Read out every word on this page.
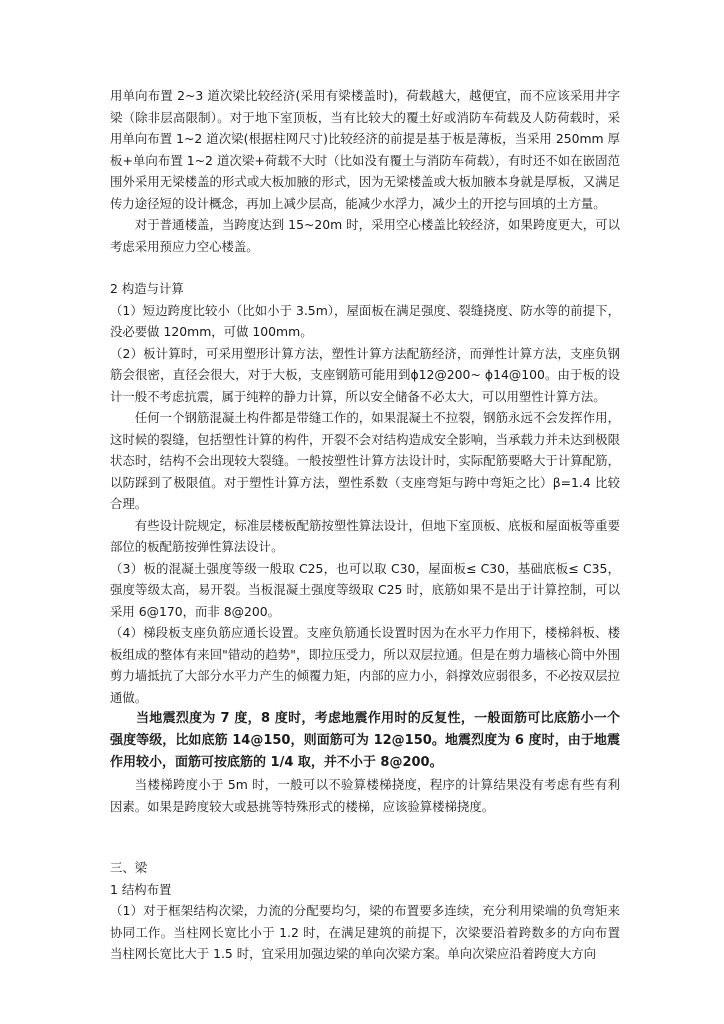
用单向布置 2~3 道次梁比较经济(采用有梁楼盖时)，荷载越大，越便宜，而不应该采用井字梁（除非层高限制）。对于地下室顶板，当有比较大的覆土好或消防车荷载及人防荷载时，采用单向布置 1~2 道次梁(根据柱网尺寸)比较经济的前提是基于板是薄板，当采用 250mm 厚板+单向布置 1~2 道次梁+荷载不大时（比如没有覆土与消防车荷载），有时还不如在嵌固范围外采用无梁楼盖的形式或大板加腋的形式，因为无梁楼盖或大板加腋本身就是厚板，又满足传力途径短的设计概念，再加上减少层高，能减少水浮力，减少土的开挖与回填的土方量。

对于普通楼盖，当跨度达到 15~20m 时，采用空心楼盖比较经济，如果跨度更大，可以考虑采用预应力空心楼盖。

2 构造与计算

（1）短边跨度比较小（比如小于 3.5m），屋面板在满足强度、裂缝挠度、防水等的前提下，没必要做 120mm，可做 100mm。

（2）板计算时，可采用塑形计算方法，塑性计算方法配筋经济，而弹性计算方法，支座负钢筋会很密，直径会很大，对于大板，支座钢筋可能用到ϕ12@200~ ϕ14@100。由于板的设计一般不考虑抗震，属于纯粹的静力计算，所以安全储备不必太大，可以用塑性计算方法。

任何一个钢筋混凝土构件都是带缝工作的，如果混凝土不拉裂，钢筋永远不会发挥作用，这时候的裂缝，包括塑性计算的构件，开裂不会对结构造成安全影响，当承载力并未达到极限状态时，结构不会出现较大裂缝。一般按塑性计算方法设计时，实际配筋要略大于计算配筋，以防踩到了极限值。对于塑性计算方法，塑性系数（支座弯矩与跨中弯矩之比）β=1.4 比较合理。

有些设计院规定，标准层楼板配筋按塑性算法设计，但地下室顶板、底板和屋面板等重要部位的板配筋按弹性算法设计。

（3）板的混凝土强度等级一般取 C25，也可以取 C30，屋面板≤ C30，基础底板≤ C35，强度等级太高，易开裂。当板混凝土强度等级取 C25 时，底筋如果不是出于计算控制，可以采用 6@170，而非 8@200。

（4）梯段板支座负筋应通长设置。支座负筋通长设置时因为在水平力作用下，楼梯斜板、楼板组成的整体有来回"错动的趋势"，即拉压受力，所以双层拉通。但是在剪力墙核心筒中外围剪力墙抵抗了大部分水平力产生的倾覆力矩，内部的应力小，斜撑效应弱很多，不必按双层拉通做。

当地震烈度为 7 度，8 度时，考虑地震作用时的反复性，一般面筋可比底筋小一个强度等级，比如底筋 14@150，则面筋可为 12@150。地震烈度为 6 度时，由于地震作用较小，面筋可按底筋的 1/4 取，并不小于 8@200。

当楼梯跨度小于 5m 时，一般可以不验算楼梯挠度，程序的计算结果没有考虑有些有利因素。如果是跨度较大或悬挑等特殊形式的楼梯，应该验算楼梯挠度。

三、梁

1 结构布置

（1）对于框架结构次梁，力流的分配要均匀，梁的布置要多连续，充分利用梁端的负弯矩来协同工作。当柱网长宽比小于 1.2 时，在满足建筑的前提下，次梁要沿着跨数多的方向布置当柱网长宽比大于 1.5 时，宜采用加强边梁的单向次梁方案。单向次梁应沿着跨度大方向
